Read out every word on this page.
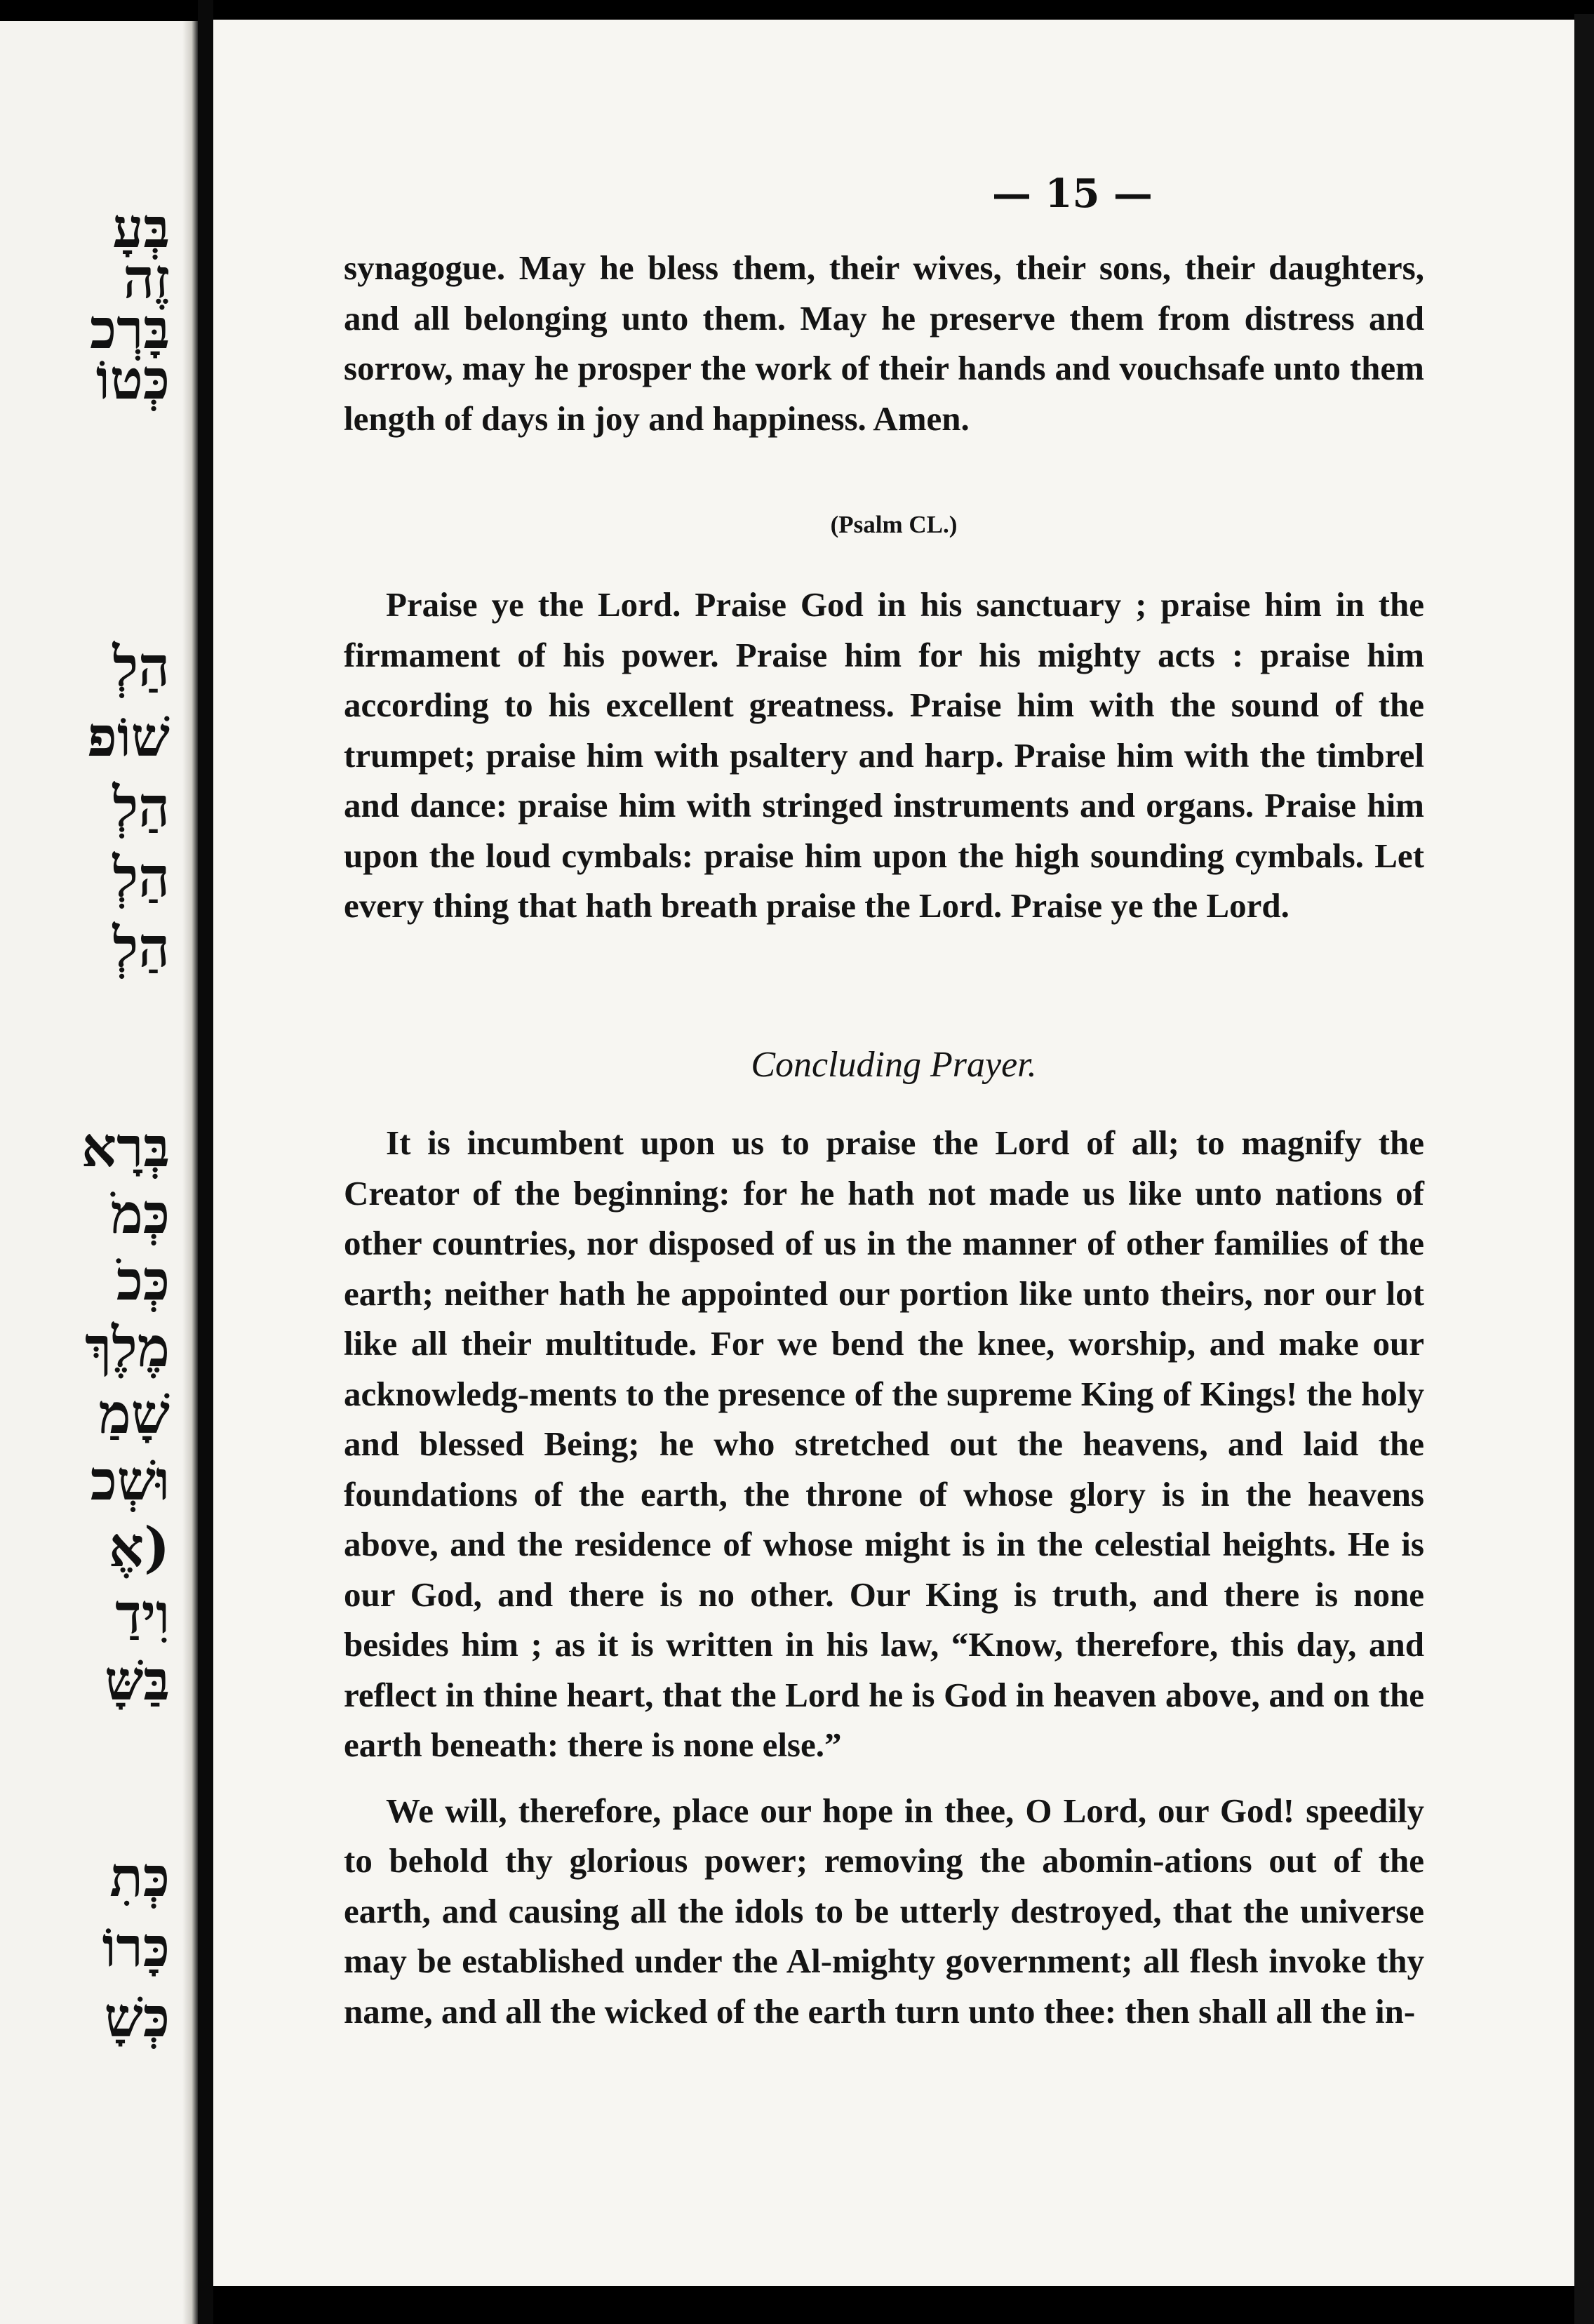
בְּעָ
זֶה
בָּרְכ
כְּטוֹ
הַלְ
שׁוֹפ
הַלְ
הַלְ
הַלְ
בְּרָא
כְּמֹ
כְּכֹ
מֶלֶךְ
שָׁמַ
וּשְׁכ
(אֶ
וִידַ
בַּשָּׁ
כְּתִ
כָּרוֹ
כְּשָׁ
— 15 —

synagogue. May he bless them, their wives, their sons, their daughters, and all belonging unto them. May he preserve them from distress and sorrow, may he prosper the work of their hands and vouchsafe unto them length of days in joy and happiness. Amen.

(Psalm CL.)

Praise ye the Lord. Praise God in his sanctuary ; praise him in the firmament of his power. Praise him for his mighty acts : praise him according to his excellent greatness. Praise him with the sound of the trumpet; praise him with psaltery and harp. Praise him with the timbrel and dance: praise him with stringed instruments and organs. Praise him upon the loud cymbals: praise him upon the high sounding cymbals. Let every thing that hath breath praise the Lord. Praise ye the Lord.

Concluding Prayer.

It is incumbent upon us to praise the Lord of all; to magnify the Creator of the beginning: for he hath not made us like unto nations of other countries, nor disposed of us in the manner of other families of the earth; neither hath he appointed our portion like unto theirs, nor our lot like all their multitude. For we bend the knee, worship, and make our acknowledg-ments to the presence of the supreme King of Kings! the holy and blessed Being; he who stretched out the heavens, and laid the foundations of the earth, the throne of whose glory is in the heavens above, and the residence of whose might is in the celestial heights. He is our God, and there is no other. Our King is truth, and there is none besides him ; as it is written in his law, “Know, therefore, this day, and reflect in thine heart, that the Lord he is God in heaven above, and on the earth beneath: there is none else.”

We will, therefore, place our hope in thee, O Lord, our God! speedily to behold thy glorious power; removing the abomin-ations out of the earth, and causing all the idols to be utterly destroyed, that the universe may be established under the Al-mighty government; all flesh invoke thy name, and all the wicked of the earth turn unto thee: then shall all the in-
